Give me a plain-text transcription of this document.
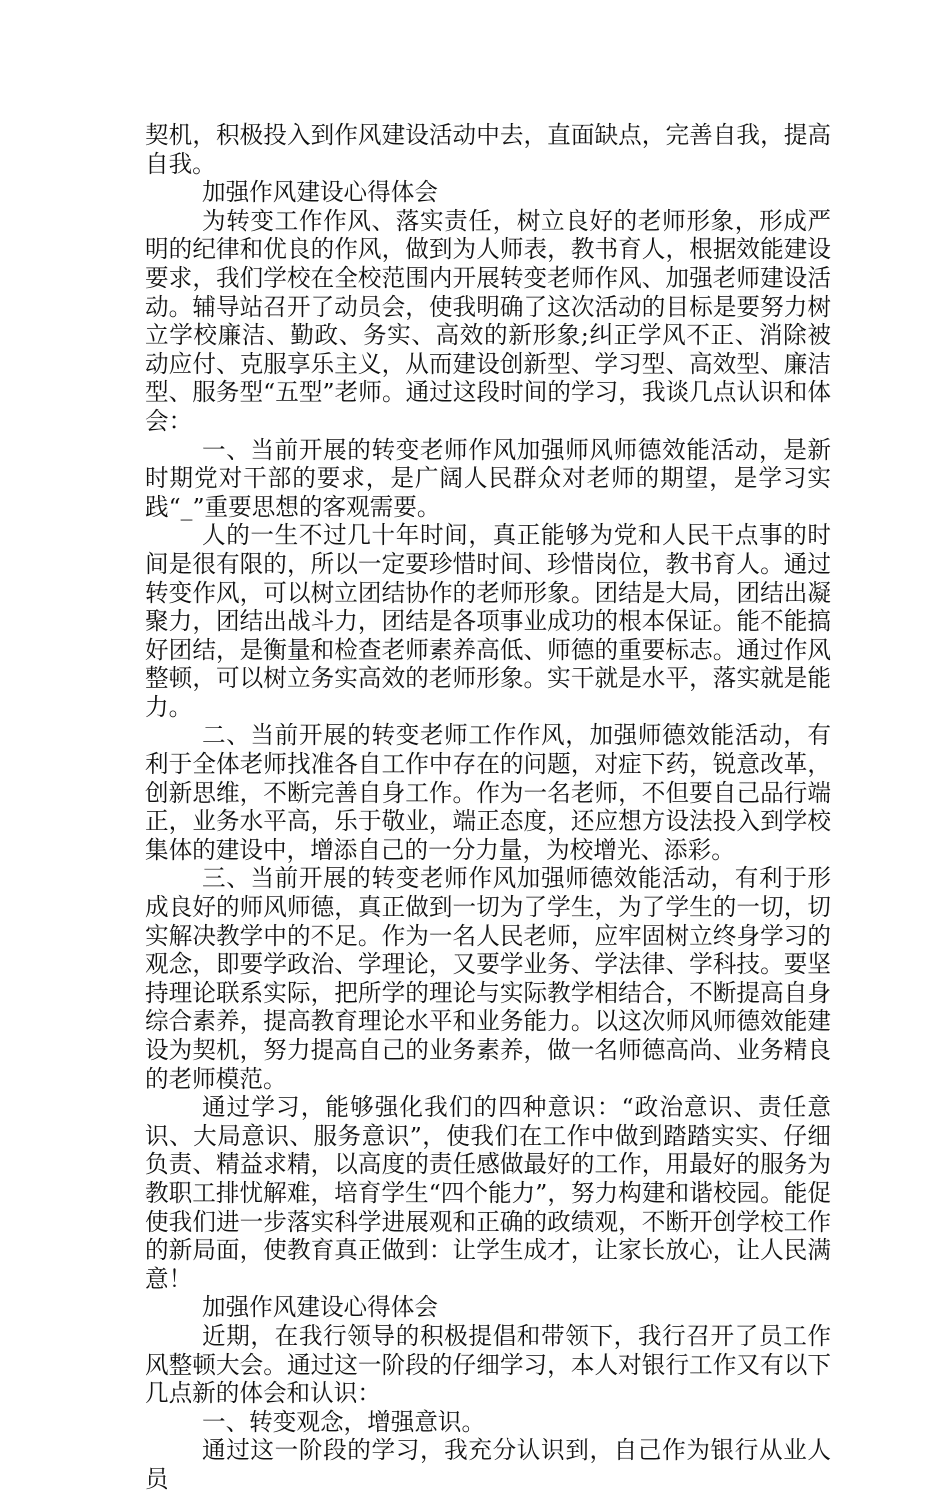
契机，积极投入到作风建设活动中去，直面缺点，完善自我，提高自我。

加强作风建设心得体会

为转变工作作风、落实责任，树立良好的老师形象，形成严明的纪律和优良的作风，做到为人师表，教书育人，根据效能建设要求，我们学校在全校范围内开展转变老师作风、加强老师建设活动。辅导站召开了动员会，使我明确了这次活动的目标是要努力树立学校廉洁、勤政、务实、高效的新形象;纠正学风不正、消除被动应付、克服享乐主义，从而建设创新型、学习型、高效型、廉洁型、服务型“五型”老师。通过这段时间的学习，我谈几点认识和体会：

一、当前开展的转变老师作风加强师风师德效能活动，是新时期党对干部的要求，是广阔人民群众对老师的期望，是学习实践“_”重要思想的客观需要。

人的一生不过几十年时间，真正能够为党和人民干点事的时间是很有限的，所以一定要珍惜时间、珍惜岗位，教书育人。通过转变作风，可以树立团结协作的老师形象。团结是大局，团结出凝聚力，团结出战斗力，团结是各项事业成功的根本保证。能不能搞好团结，是衡量和检查老师素养高低、师德的重要标志。通过作风整顿，可以树立务实高效的老师形象。实干就是水平，落实就是能力。

二、当前开展的转变老师工作作风，加强师德效能活动，有利于全体老师找准各自工作中存在的问题，对症下药，锐意改革，创新思维，不断完善自身工作。作为一名老师，不但要自己品行端正，业务水平高，乐于敬业，端正态度，还应想方设法投入到学校集体的建设中，增添自己的一分力量，为校增光、添彩。

三、当前开展的转变老师作风加强师德效能活动，有利于形成良好的师风师德，真正做到一切为了学生，为了学生的一切，切实解决教学中的不足。作为一名人民老师，应牢固树立终身学习的观念，即要学政治、学理论，又要学业务、学法律、学科技。要坚持理论联系实际，把所学的理论与实际教学相结合，不断提高自身综合素养，提高教育理论水平和业务能力。以这次师风师德效能建设为契机，努力提高自己的业务素养，做一名师德高尚、业务精良的老师模范。

通过学习，能够强化我们的四种意识：“政治意识、责任意识、大局意识、服务意识”，使我们在工作中做到踏踏实实、仔细负责、精益求精，以高度的责任感做最好的工作，用最好的服务为教职工排忧解难，培育学生“四个能力”，努力构建和谐校园。能促使我们进一步落实科学进展观和正确的政绩观，不断开创学校工作的新局面，使教育真正做到：让学生成才，让家长放心，让人民满意！

加强作风建设心得体会

近期，在我行领导的积极提倡和带领下，我行召开了员工作风整顿大会。通过这一阶段的仔细学习，本人对银行工作又有以下几点新的体会和认识：

一、转变观念，增强意识。

通过这一阶段的学习，我充分认识到，自己作为银行从业人员
